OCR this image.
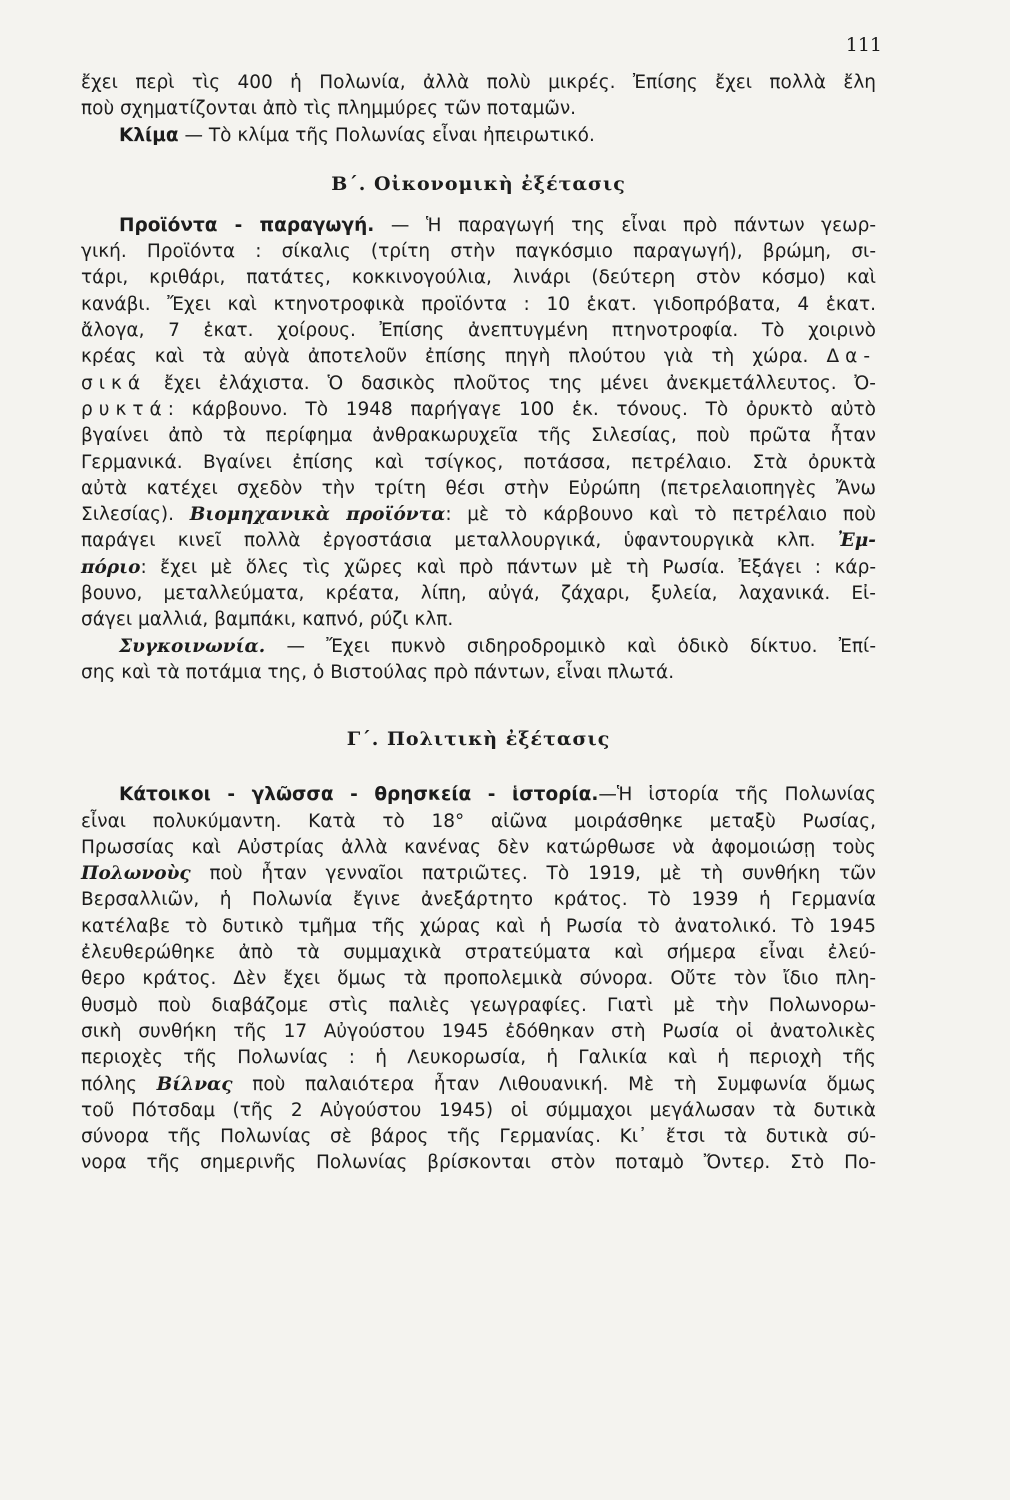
111
ἔχει περὶ τὶς 400 ἡ Πολωνία, ἀλλὰ πολὺ μικρές. Ἐπίσης ἔχει πολλὰ ἔλη
ποὺ σχηματίζονται ἀπὸ τὶς πλημμύρες τῶν ποταμῶν.
Κλίμα — Τὸ κλίμα τῆς Πολωνίας εἶναι ἠπειρωτικό.
Β΄. Οἰκονομικὴ ἐξέτασις
Προϊόντα - παραγωγή. — Ἡ παραγωγή της εἶναι πρὸ πάντων γεωρ-
γική. Προϊόντα : σίκαλις (τρίτη στὴν παγκόσμιο παραγωγή), βρώμη, σι-
τάρι, κριθάρι, πατάτες, κοκκινογούλια, λινάρι (δεύτερη στὸν κόσμο) καὶ
κανάβι. Ἔχει καὶ κτηνοτροφικὰ προϊόντα : 10 ἑκατ. γιδοπρόβατα, 4 ἑκατ.
ἄλογα, 7 ἑκατ. χοίρους. Ἐπίσης ἀνεπτυγμένη πτηνοτροφία. Τὸ χοιρινὸ
κρέας καὶ τὰ αὐγὰ ἀποτελοῦν ἐπίσης πηγὴ πλούτου γιὰ τὴ χώρα. Δα-
σικά ἔχει ἐλάχιστα. Ὁ δασικὸς πλοῦτος της μένει ἀνεκμετάλλευτος. Ὀ-
ρυκτά: κάρβουνο. Τὸ 1948 παρήγαγε 100 ἑκ. τόνους. Τὸ ὀρυκτὸ αὐτὸ
βγαίνει ἀπὸ τὰ περίφημα ἀνθρακωρυχεῖα τῆς Σιλεσίας, ποὺ πρῶτα ἦταν
Γερμανικά. Βγαίνει ἐπίσης καὶ τσίγκος, ποτάσσα, πετρέλαιο. Στὰ ὀρυκτὰ
αὐτὰ κατέχει σχεδὸν τὴν τρίτη θέσι στὴν Εὐρώπη (πετρελαιοπηγὲς Ἄνω
Σιλεσίας). Βιομηχανικὰ προϊόντα: μὲ τὸ κάρβουνο καὶ τὸ πετρέλαιο ποὺ
παράγει κινεῖ πολλὰ ἐργοστάσια μεταλλουργικά, ὑφαντουργικὰ κλπ. Ἐμ-
πόριο: ἔχει μὲ ὅλες τὶς χῶρες καὶ πρὸ πάντων μὲ τὴ Ρωσία. Ἐξάγει : κάρ-
βουνο, μεταλλεύματα, κρέατα, λίπη, αὐγά, ζάχαρι, ξυλεία, λαχανικά. Εἰ-
σάγει μαλλιά, βαμπάκι, καπνό, ρύζι κλπ.
Συγκοινωνία. — Ἔχει πυκνὸ σιδηροδρομικὸ καὶ ὁδικὸ δίκτυο. Ἐπί-
σης καὶ τὰ ποτάμια της, ὁ Βιστούλας πρὸ πάντων, εἶναι πλωτά.
Γ΄. Πολιτικὴ ἐξέτασις
Κάτοικοι - γλῶσσα - θρησκεία - ἱστορία.—Ἡ ἱστορία τῆς Πολωνίας
εἶναι πολυκύμαντη. Κατὰ τὸ 18° αἰῶνα μοιράσθηκε μεταξὺ Ρωσίας,
Πρωσσίας καὶ Αὐστρίας ἀλλὰ κανένας δὲν κατώρθωσε νὰ ἀφομοιώσῃ τοὺς
Πολωνοὺς ποὺ ἦταν γενναῖοι πατριῶτες. Τὸ 1919, μὲ τὴ συνθήκη τῶν
Βερσαλλιῶν, ἡ Πολωνία ἔγινε ἀνεξάρτητο κράτος. Τὸ 1939 ἡ Γερμανία
κατέλαβε τὸ δυτικὸ τμῆμα τῆς χώρας καὶ ἡ Ρωσία τὸ ἀνατολικό. Τὸ 1945
ἐλευθερώθηκε ἀπὸ τὰ συμμαχικὰ στρατεύματα καὶ σήμερα εἶναι ἐλεύ-
θερο κράτος. Δὲν ἔχει ὅμως τὰ προπολεμικὰ σύνορα. Οὔτε τὸν ἴδιο πλη-
θυσμὸ ποὺ διαβάζομε στὶς παλιὲς γεωγραφίες. Γιατὶ μὲ τὴν Πολωνορω-
σικὴ συνθήκη τῆς 17 Αὐγούστου 1945 ἐδόθηκαν στὴ Ρωσία οἱ ἀνατολικὲς
περιοχὲς τῆς Πολωνίας : ἡ Λευκορωσία, ἡ Γαλικία καὶ ἡ περιοχὴ τῆς
πόλης Βίλνας ποὺ παλαιότερα ἦταν Λιθουανική. Μὲ τὴ Συμφωνία ὅμως
τοῦ Πότσδαμ (τῆς 2 Αὐγούστου 1945) οἱ σύμμαχοι μεγάλωσαν τὰ δυτικὰ
σύνορα τῆς Πολωνίας σὲ βάρος τῆς Γερμανίας. Κι᾿ ἔτσι τὰ δυτικὰ σύ-
νορα τῆς σημερινῆς Πολωνίας βρίσκονται στὸν ποταμὸ Ὄντερ. Στὸ Πο-
